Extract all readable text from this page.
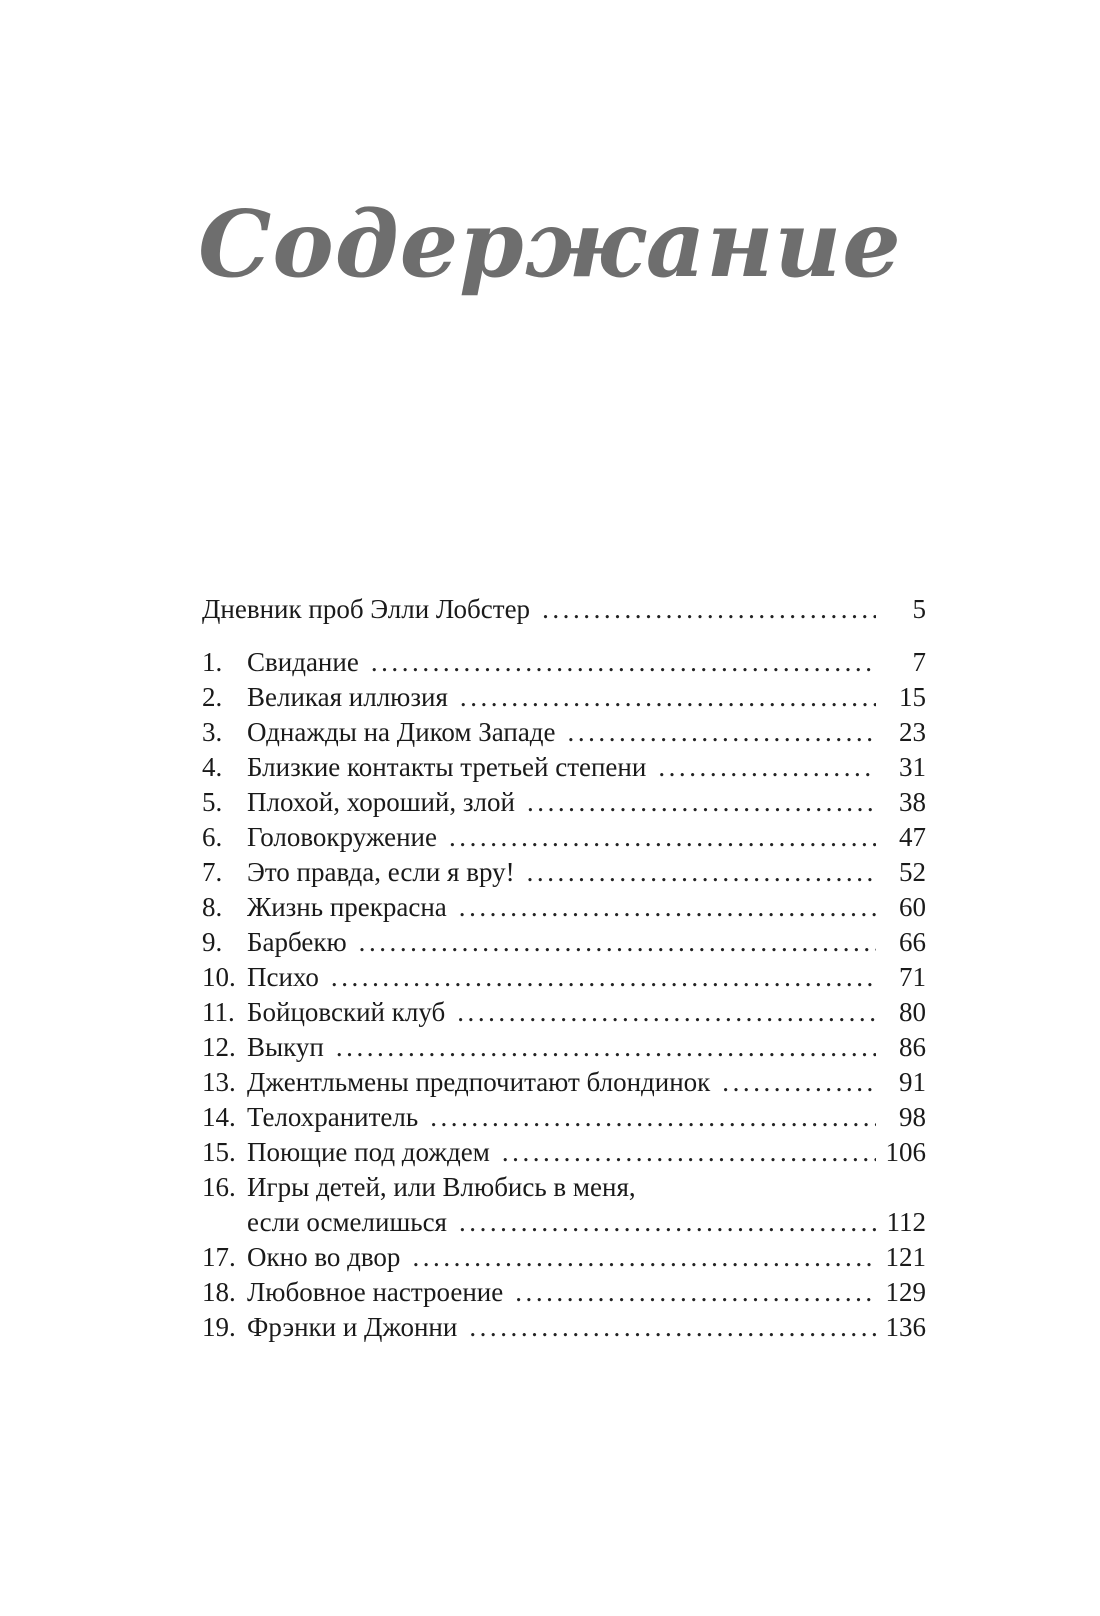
Содержание
Дневник проб Элли Лобстер . . .	5
1. Свидание . . .	7
2. Великая иллюзия . . .	15
3. Однажды на Диком Западе . . .	23
4. Близкие контакты третьей степени . . .	31
5. Плохой, хороший, злой . . .	38
6. Головокружение . . .	47
7. Это правда, если я вру! . . .	52
8. Жизнь прекрасна . . .	60
9. Барбекю . . .	66
10. Психо . . .	71
11. Бойцовский клуб . . .	80
12. Выкуп . . .	86
13. Джентльмены предпочитают блондинок . . .	91
14. Телохранитель . . .	98
15. Поющие под дождем . . .	106
16. Игры детей, или Влюбись в меня,
если осмелишься . . .	112
17. Окно во двор . . .	121
18. Любовное настроение . . .	129
19. Фрэнки и Джонни . . .	136
